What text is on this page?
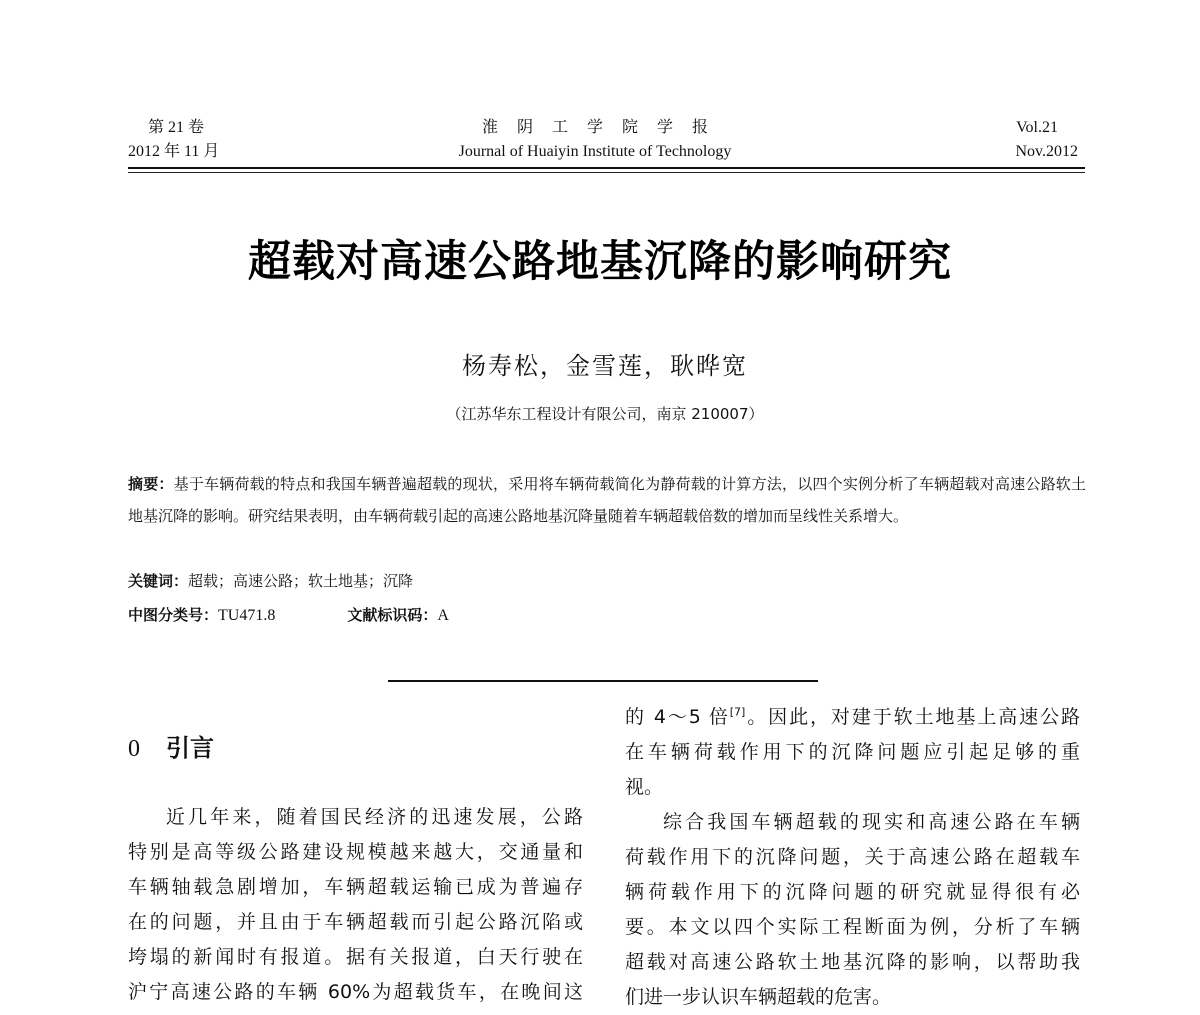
第 21 卷
2012 年 11 月
淮阴工学院学报
Journal of Huaiyin Institute of Technology
Vol.21
Nov.2012
超载对高速公路地基沉降的影响研究
杨寿松，金雪莲，耿晔宽
（江苏华东工程设计有限公司，南京 210007）
摘要：基于车辆荷载的特点和我国车辆普遍超载的现状，采用将车辆荷载简化为静荷载的计算方法，以四个实例分析了车辆超载对高速公路软土地基沉降的影响。研究结果表明，由车辆荷载引起的高速公路地基沉降量随着车辆超载倍数的增加而呈线性关系增大。
关键词：超载；高速公路；软土地基；沉降
中图分类号：TU471.8	文献标识码：A
0 引言
近几年来，随着国民经济的迅速发展，公路
特别是高等级公路建设规模越来越大，交通量和
车辆轴载急剧增加，车辆超载运输已成为普遍存
在的问题，并且由于车辆超载而引起公路沉陷或
垮塌的新闻时有报道。据有关报道，白天行驶在
沪宁高速公路的车辆 60%为超载货车，在晚间这
的 4～5 倍[7]。因此，对建于软土地基上高速公路
在车辆荷载作用下的沉降问题应引起足够的重
视。
综合我国车辆超载的现实和高速公路在车辆
荷载作用下的沉降问题，关于高速公路在超载车
辆荷载作用下的沉降问题的研究就显得很有必
要。本文以四个实际工程断面为例，分析了车辆
超载对高速公路软土地基沉降的影响，以帮助我
们进一步认识车辆超载的危害。
